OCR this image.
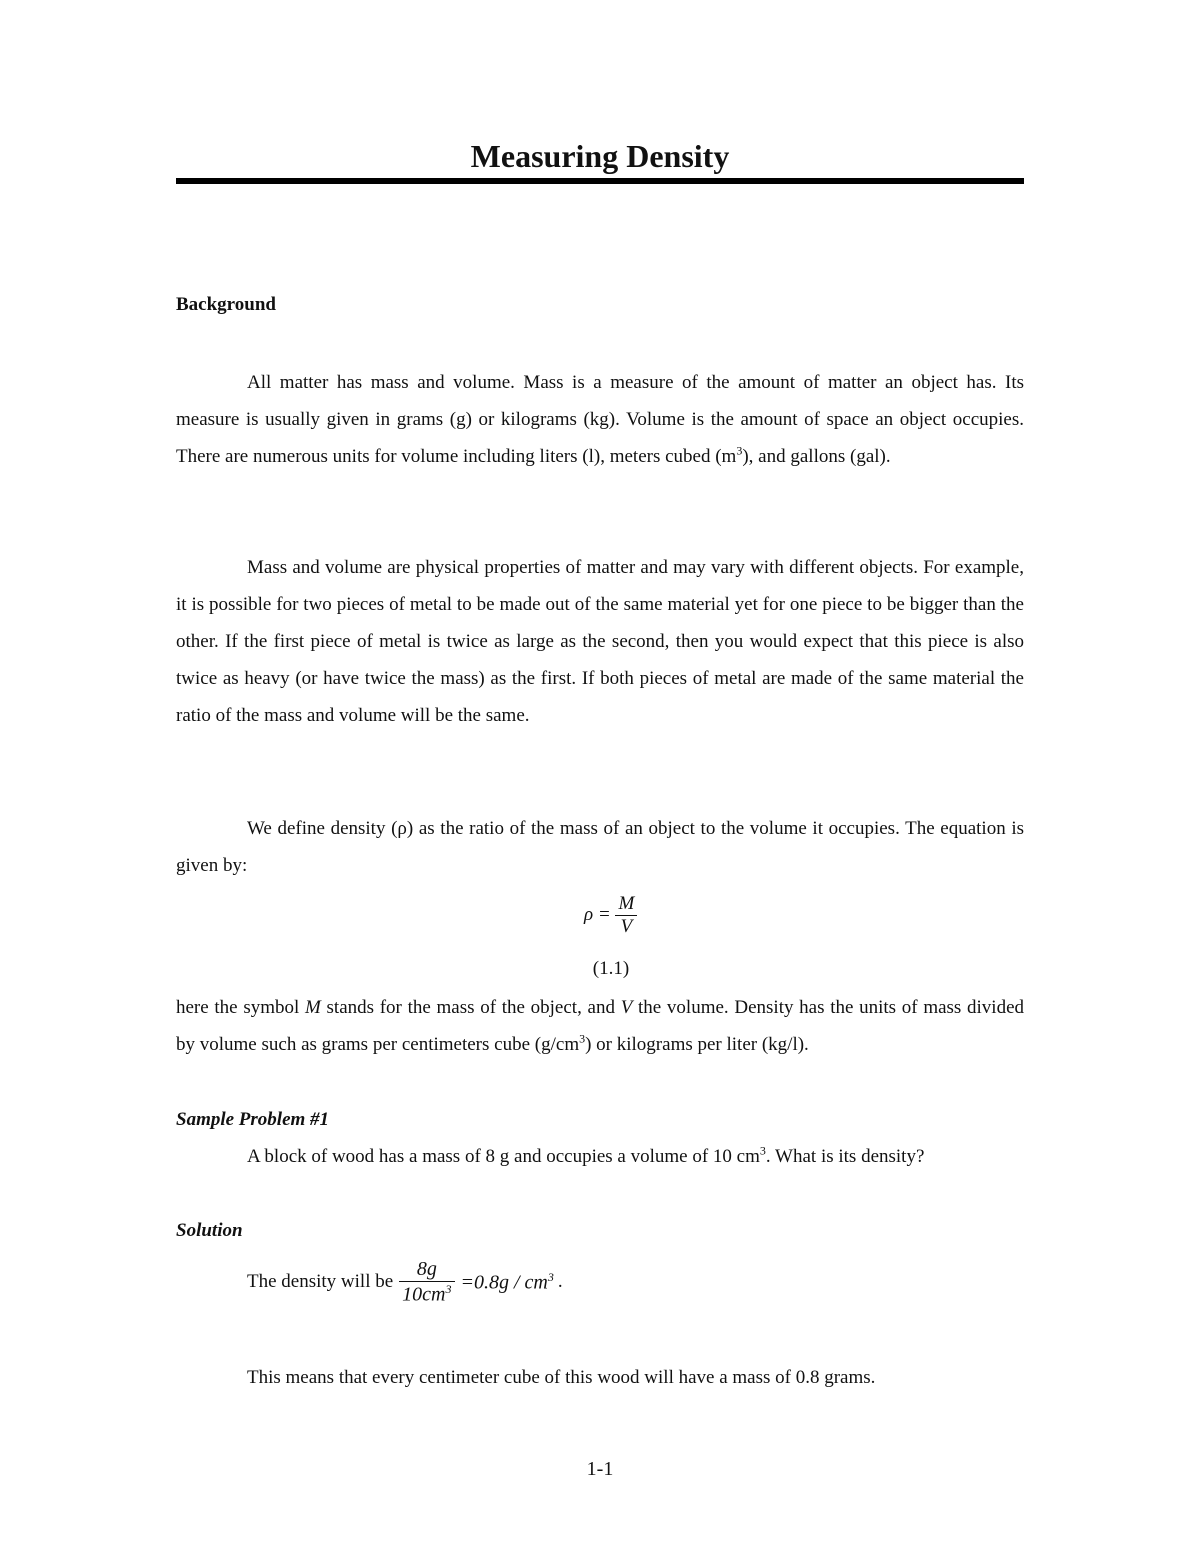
Measuring Density
Background

All matter has mass and volume. Mass is a measure of the amount of matter an object has. Its measure is usually given in grams (g) or kilograms (kg). Volume is the amount of space an object occupies. There are numerous units for volume including liters (l), meters cubed $(m^3)$, and gallons (gal).

Mass and volume are physical properties of matter and may vary with different objects. For example, it is possible for two pieces of metal to be made out of the same material yet for one piece to be bigger than the other. If the first piece of metal is twice as large as the second, then you would expect that this piece is also twice as heavy (or have twice the mass) as the first. If both pieces of metal are made of the same material the ratio of the mass and volume will be the same.

We define density (ρ) as the ratio of the mass of an object to the volume it occupies. The equation is given by:

$\rho = \frac{M}{V}$
(1.1)

here the symbol M stands for the mass of the object, and V the volume. Density has the units of mass divided by volume such as grams per centimeters cube $(g/cm^3)$ or kilograms per liter (kg/l).

Sample Problem #1
A block of wood has a mass of 8 g and occupies a volume of 10 $cm^3$. What is its density?
Solution
The density will be $\frac{8g}{10cm^3} =0.8g / cm^3$ .
This means that every centimeter cube of this wood will have a mass of 0.8 grams.
1-1
